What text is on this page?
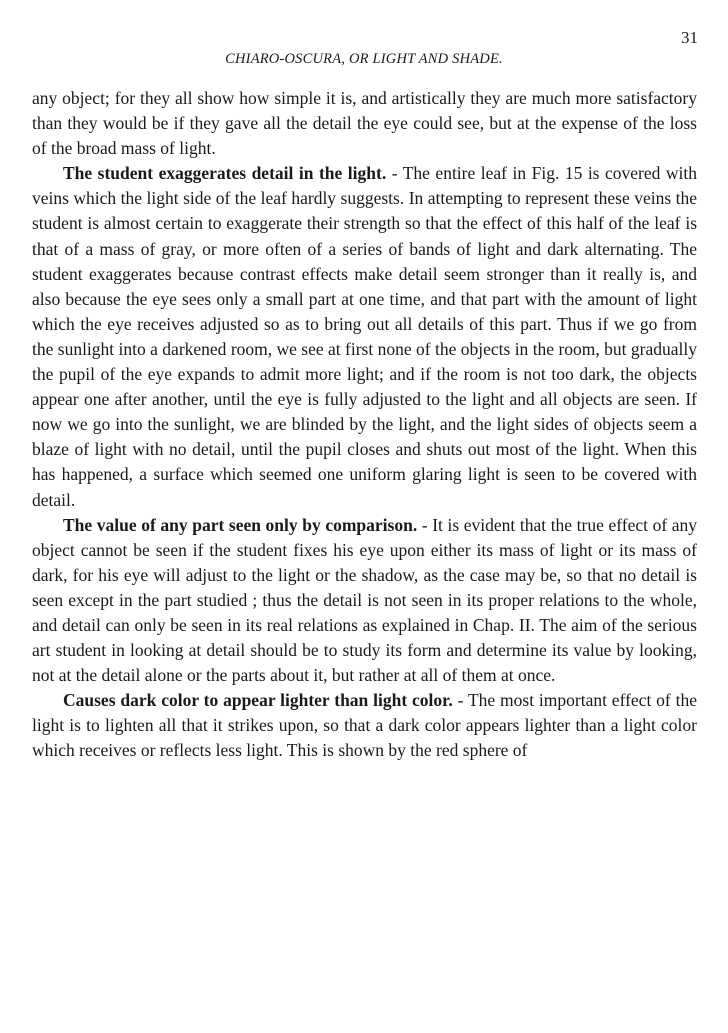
31
CHIARO-OSCURA, OR LIGHT AND SHADE.

any object; for they all show how simple it is, and artistically they are much more satisfactory than they would be if they gave all the detail the eye could see, but at the expense of the loss of the broad mass of light.

The student exaggerates detail in the light. - The entire leaf in Fig. 15 is covered with veins which the light side of the leaf hardly suggests. In attempting to represent these veins the student is almost certain to exaggerate their strength so that the effect of this half of the leaf is that of a mass of gray, or more often of a series of bands of light and dark alternating. The student exaggerates because contrast effects make detail seem stronger than it really is, and also because the eye sees only a small part at one time, and that part with the amount of light which the eye receives adjusted so as to bring out all details of this part. Thus if we go from the sunlight into a darkened room, we see at first none of the objects in the room, but gradually the pupil of the eye expands to admit more light; and if the room is not too dark, the objects appear one after another, until the eye is fully adjusted to the light and all objects are seen. If now we go into the sunlight, we are blinded by the light, and the light sides of objects seem a blaze of light with no detail, until the pupil closes and shuts out most of the light. When this has happened, a surface which seemed one uniform glaring light is seen to be covered with detail.

The value of any part seen only by comparison. - It is evident that the true effect of any object cannot be seen if the student fixes his eye upon either its mass of light or its mass of dark, for his eye will adjust to the light or the shadow, as the case may be, so that no detail is seen except in the part studied ; thus the detail is not seen in its proper relations to the whole, and detail can only be seen in its real relations as explained in Chap. II. The aim of the serious art student in looking at detail should be to study its form and determine its value by looking, not at the detail alone or the parts about it, but rather at all of them at once.

Causes dark color to appear lighter than light color. - The most important effect of the light is to lighten all that it strikes upon, so that a dark color appears lighter than a light color which receives or reflects less light. This is shown by the red sphere of
